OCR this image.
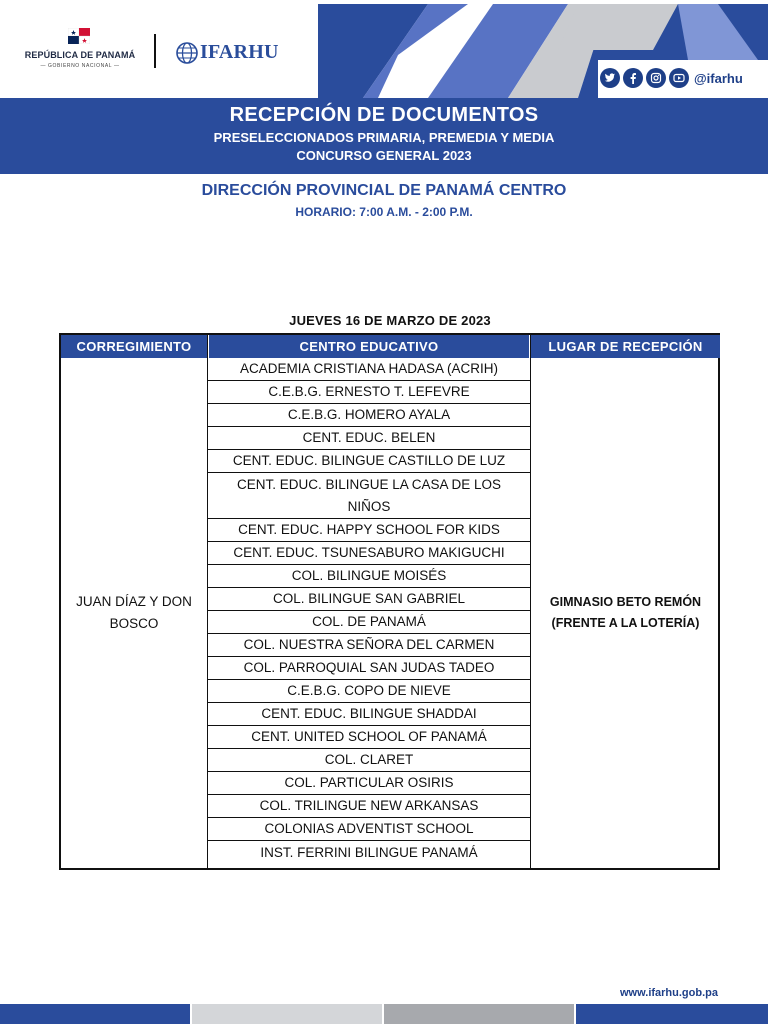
REPÚBLICA DE PANAMÁ
— GOBIERNO NACIONAL —
IFARHU
@ifarhu
RECEPCIÓN DE DOCUMENTOS
PRESELECCIONADOS PRIMARIA, PREMEDIA Y MEDIA
CONCURSO GENERAL 2023
DIRECCIÓN PROVINCIAL DE PANAMÁ CENTRO
HORARIO: 7:00 A.M. - 2:00 P.M.
JUEVES 16 DE MARZO DE 2023
CORREGIMIENTO	CENTRO EDUCATIVO	LUGAR DE RECEPCIÓN
JUAN DÍAZ Y DON BOSCO
ACADEMIA CRISTIANA HADASA (ACRIH)
C.E.B.G. ERNESTO T. LEFEVRE
C.E.B.G. HOMERO AYALA
CENT. EDUC. BELEN
CENT. EDUC. BILINGUE CASTILLO DE LUZ
CENT. EDUC. BILINGUE LA CASA DE LOS NIÑOS
CENT. EDUC. HAPPY SCHOOL FOR KIDS
CENT. EDUC. TSUNESABURO MAKIGUCHI
COL. BILINGUE MOISÉS
COL. BILINGUE SAN GABRIEL
COL. DE PANAMÁ
COL. NUESTRA SEÑORA DEL CARMEN
COL. PARROQUIAL SAN JUDAS TADEO
C.E.B.G. COPO DE NIEVE
CENT. EDUC. BILINGUE SHADDAI
CENT. UNITED SCHOOL OF PANAMÁ
COL. CLARET
COL. PARTICULAR OSIRIS
COL. TRILINGUE NEW ARKANSAS
COLONIAS ADVENTIST SCHOOL
INST. FERRINI BILINGUE PANAMÁ
GIMNASIO BETO REMÓN (FRENTE A LA LOTERÍA)
www.ifarhu.gob.pa
